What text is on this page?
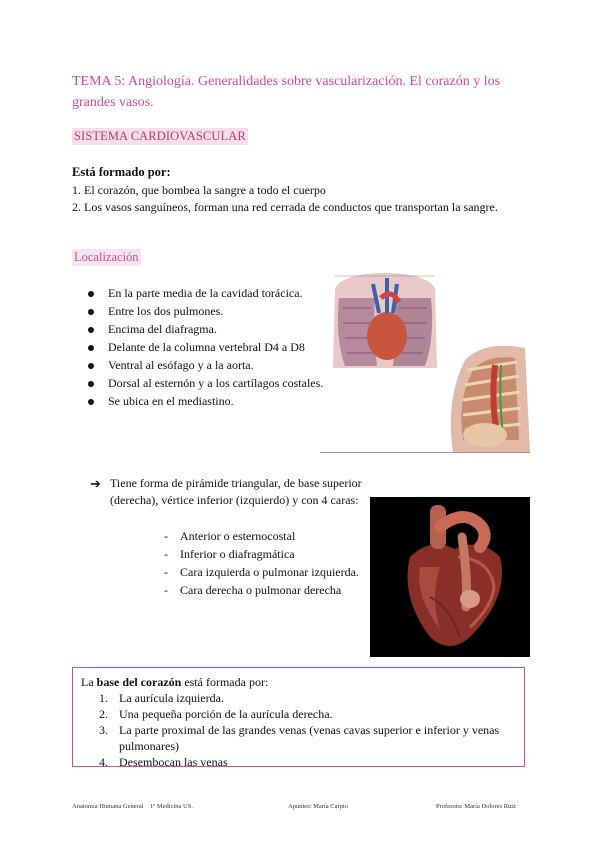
TEMA 5: Angiología. Generalidades sobre vascularización. El corazón y los grandes vasos.
SISTEMA CARDIOVASCULAR
Está formado por:

1. El corazón, que bombea la sangre a todo el cuerpo

2. Los vasos sanguíneos, forman una red cerrada de conductos que transportan la sangre.

Localización
En la parte media de la cavidad torácica.
Entre los dos pulmones.
Encima del diafragma.
Delante de la columna vertebral D4 a D8
Ventral al esófago y a la aorta.
Dorsal al esternón y a los cartílagos costales.
Se ubica en el mediastino.
➔ Tiene forma de pirámide triangular, de base superior (derecha), vértice inferior (izquierdo) y con 4 caras:
- Anterior o esternocostal
- Inferior o diafragmática
- Cara izquierda o pulmonar izquierda.
- Cara derecha o pulmonar derecha

La base del corazón está formada por:

1. La aurícula izquierda.
2. Una pequeña porción de la aurícula derecha.
3. La parte proximal de las grandes venas (venas cavas superior e inferior y venas pulmonares)
4. Desembocan las venas
Anatomía Humana General 1º Medicina US.	Apuntes: María Carpio	Profesora: María Dolores Ruiz
